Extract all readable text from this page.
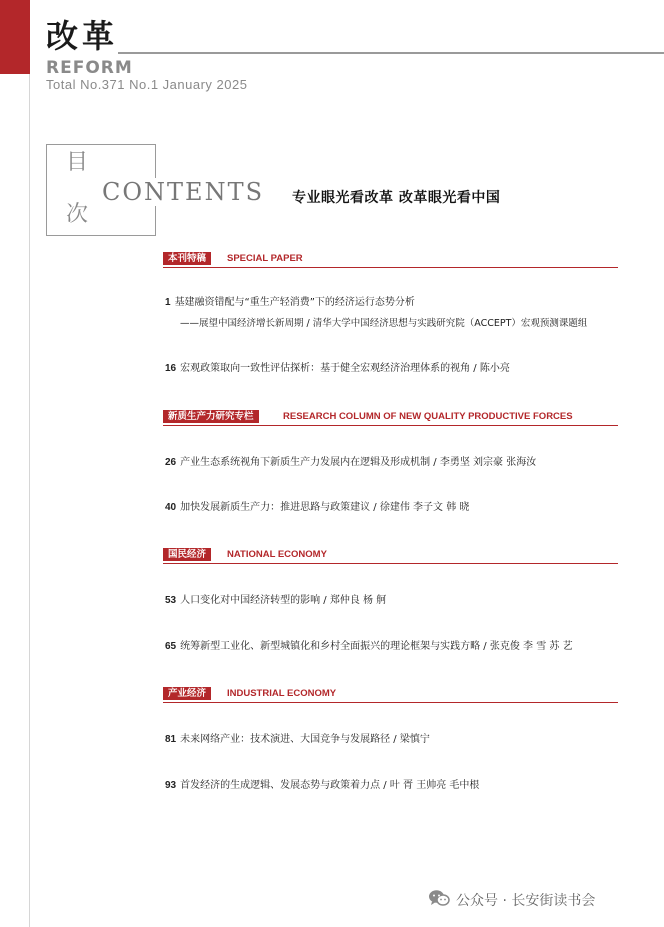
改革
REFORM
Total No.371 No.1 January 2025
目
次
CONTENTS 专业眼光看改革 改革眼光看中国
本刊特稿	SPECIAL PAPER
1 基建融资错配与“重生产轻消费”下的经济运行态势分析
——展望中国经济增长新周期 / 清华大学中国经济思想与实践研究院（ACCEPT）宏观预测课题组
16 宏观政策取向一致性评估探析：基于健全宏观经济治理体系的视角 / 陈小亮
新质生产力研究专栏	RESEARCH COLUMN OF NEW QUALITY PRODUCTIVE FORCES
26 产业生态系统视角下新质生产力发展内在逻辑及形成机制 / 李勇坚 刘宗豪 张海汝
40 加快发展新质生产力：推进思路与政策建议 / 徐建伟 李子文 韩 晓
国民经济	NATIONAL ECONOMY
53 人口变化对中国经济转型的影响 / 郑仲良 杨 舸
65 统筹新型工业化、新型城镇化和乡村全面振兴的理论框架与实践方略 / 张克俊 李 雪 苏 艺
产业经济	INDUSTRIAL ECONOMY
81 未来网络产业：技术演进、大国竞争与发展路径 / 梁慎宁
93 首发经济的生成逻辑、发展态势与政策着力点 / 叶 胥 王帅亮 毛中根
公众号 · 长安街读书会
